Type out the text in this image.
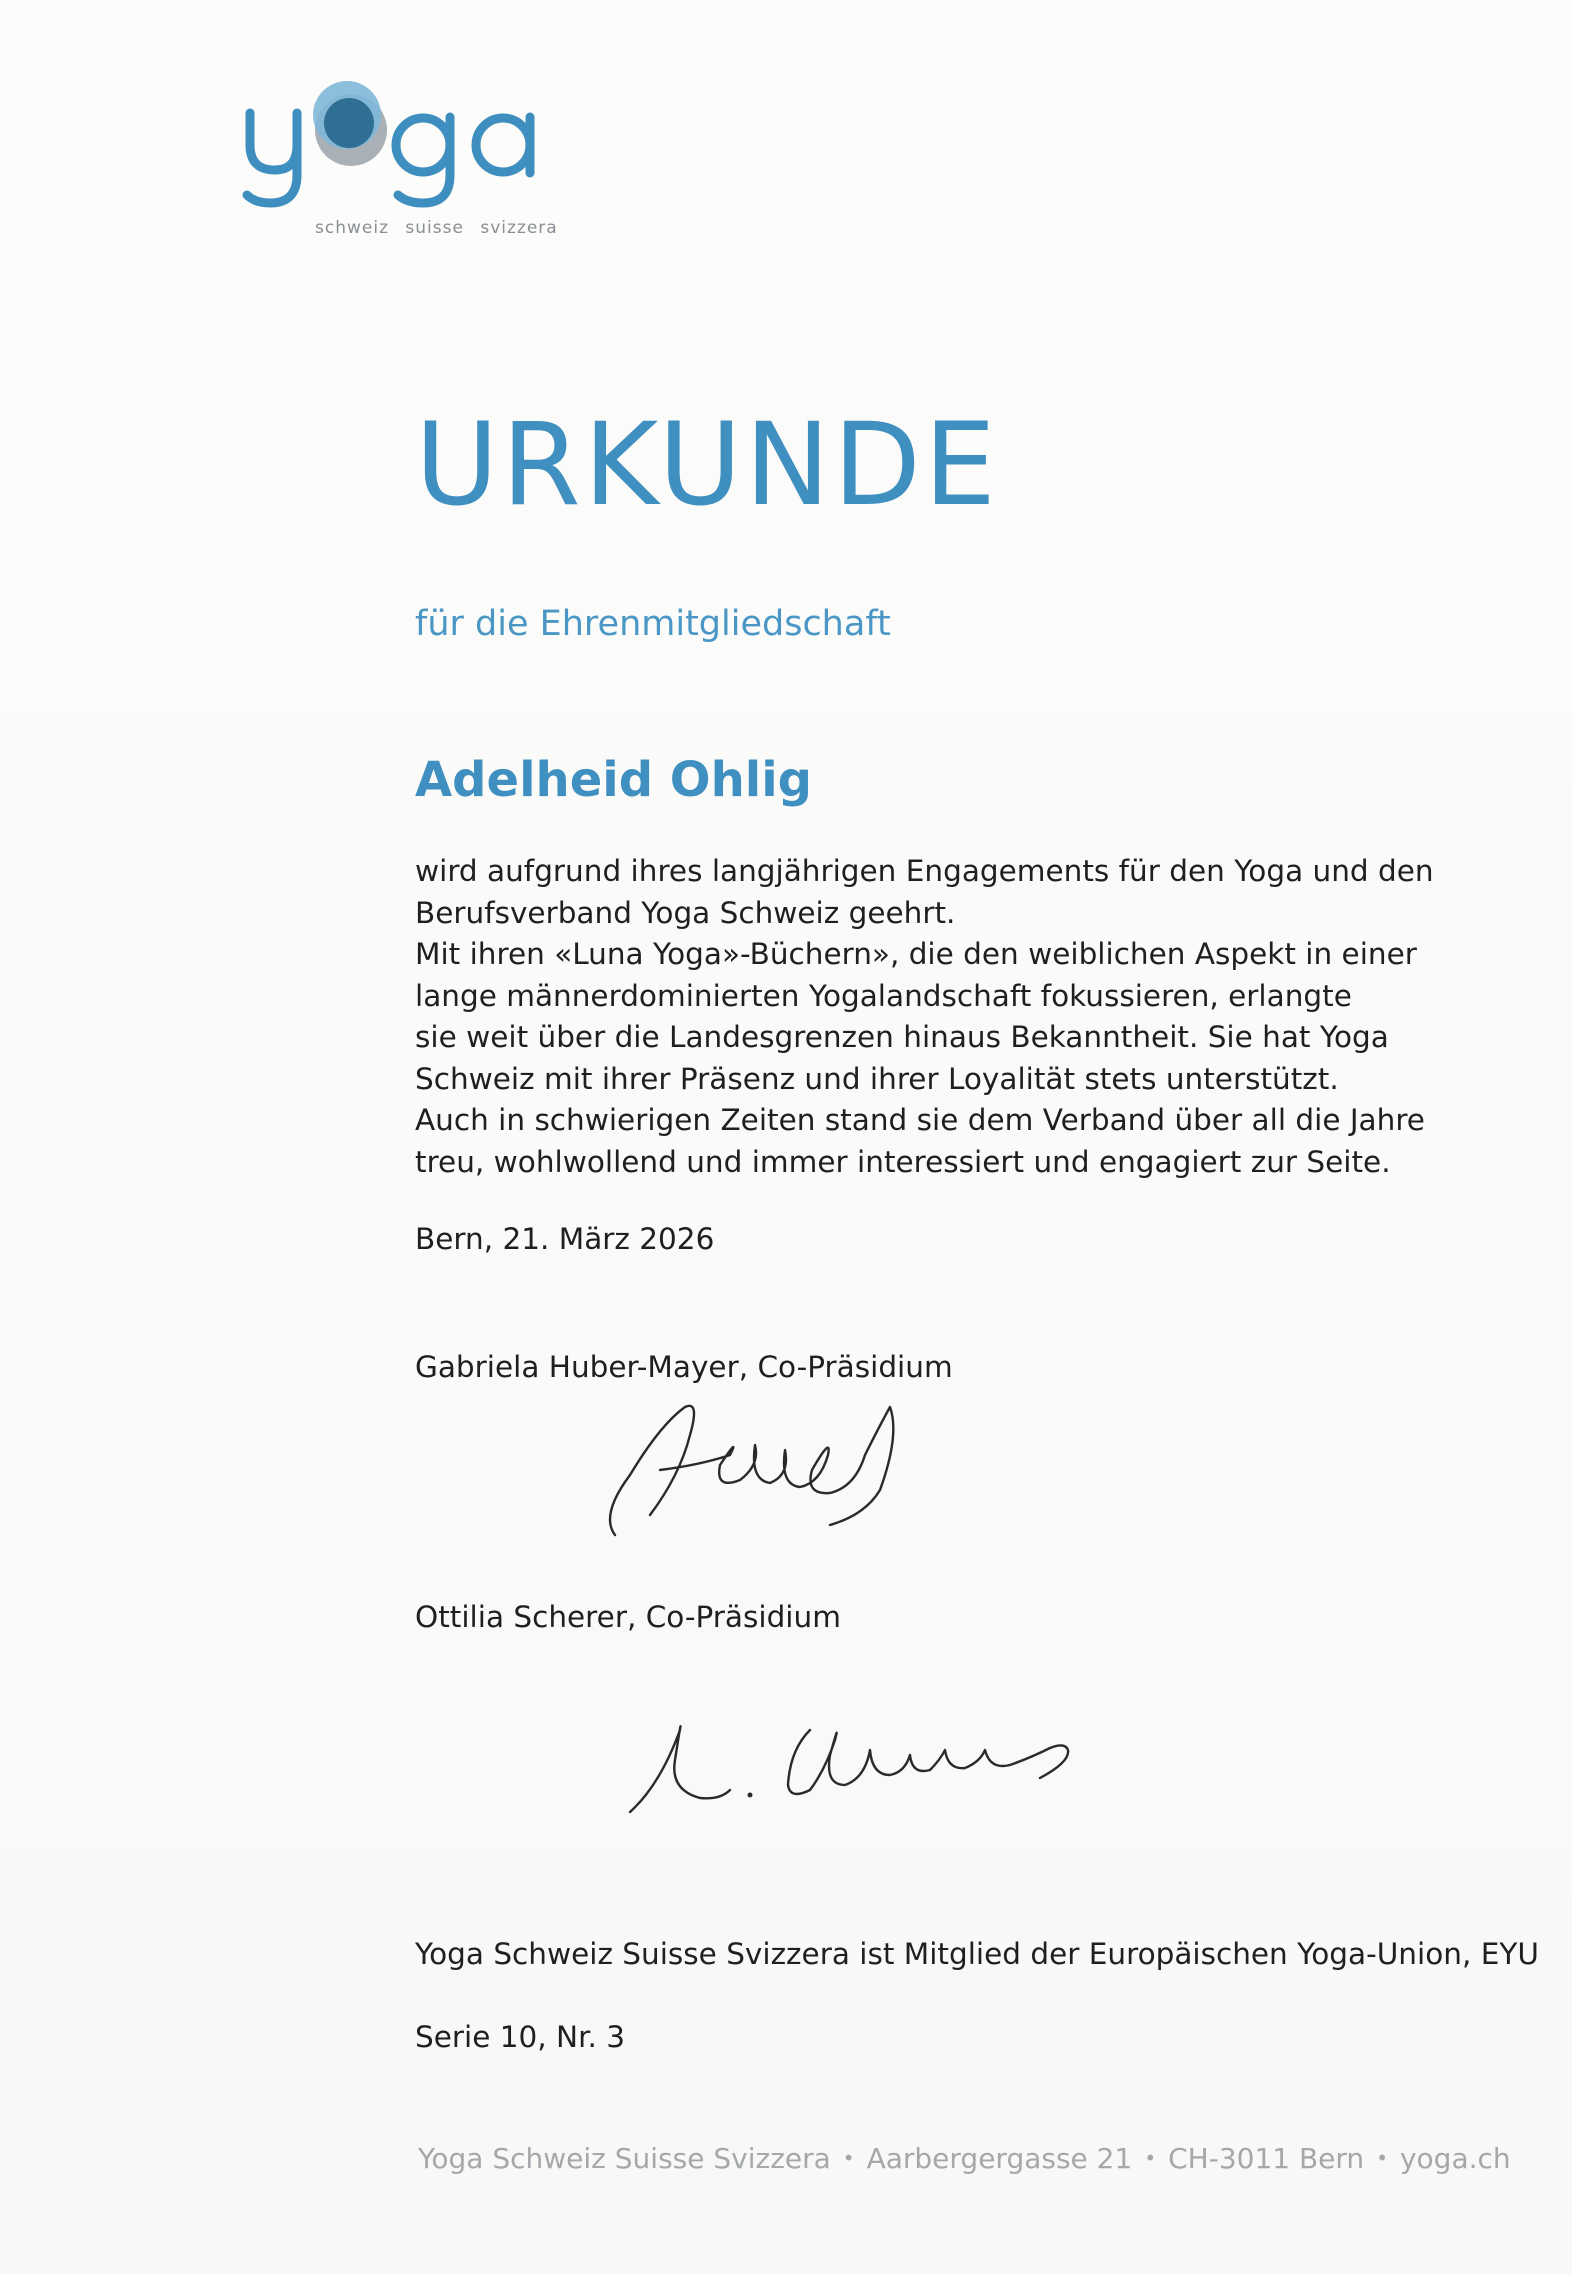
schweiz suisse svizzera
URKUNDE
für die Ehrenmitgliedschaft
Adelheid Ohlig
wird aufgrund ihres langjährigen Engagements für den Yoga und den
Berufsverband Yoga Schweiz geehrt.
Mit ihren «Luna Yoga»-Büchern», die den weiblichen Aspekt in einer
lange männerdominierten Yogalandschaft fokussieren, erlangte
sie weit über die Landesgrenzen hinaus Bekanntheit. Sie hat Yoga
Schweiz mit ihrer Präsenz und ihrer Loyalität stets unterstützt.
Auch in schwierigen Zeiten stand sie dem Verband über all die Jahre
treu, wohlwollend und immer interessiert und engagiert zur Seite.
Bern, 21. März 2026
Gabriela Huber-Mayer, Co-Präsidium
Ottilia Scherer, Co-Präsidium
Yoga Schweiz Suisse Svizzera ist Mitglied der Europäischen Yoga-Union, EYU
Serie 10, Nr. 3
Yoga Schweiz Suisse Svizzera • Aarbergergasse 21 • CH-3011 Bern • yoga.ch
